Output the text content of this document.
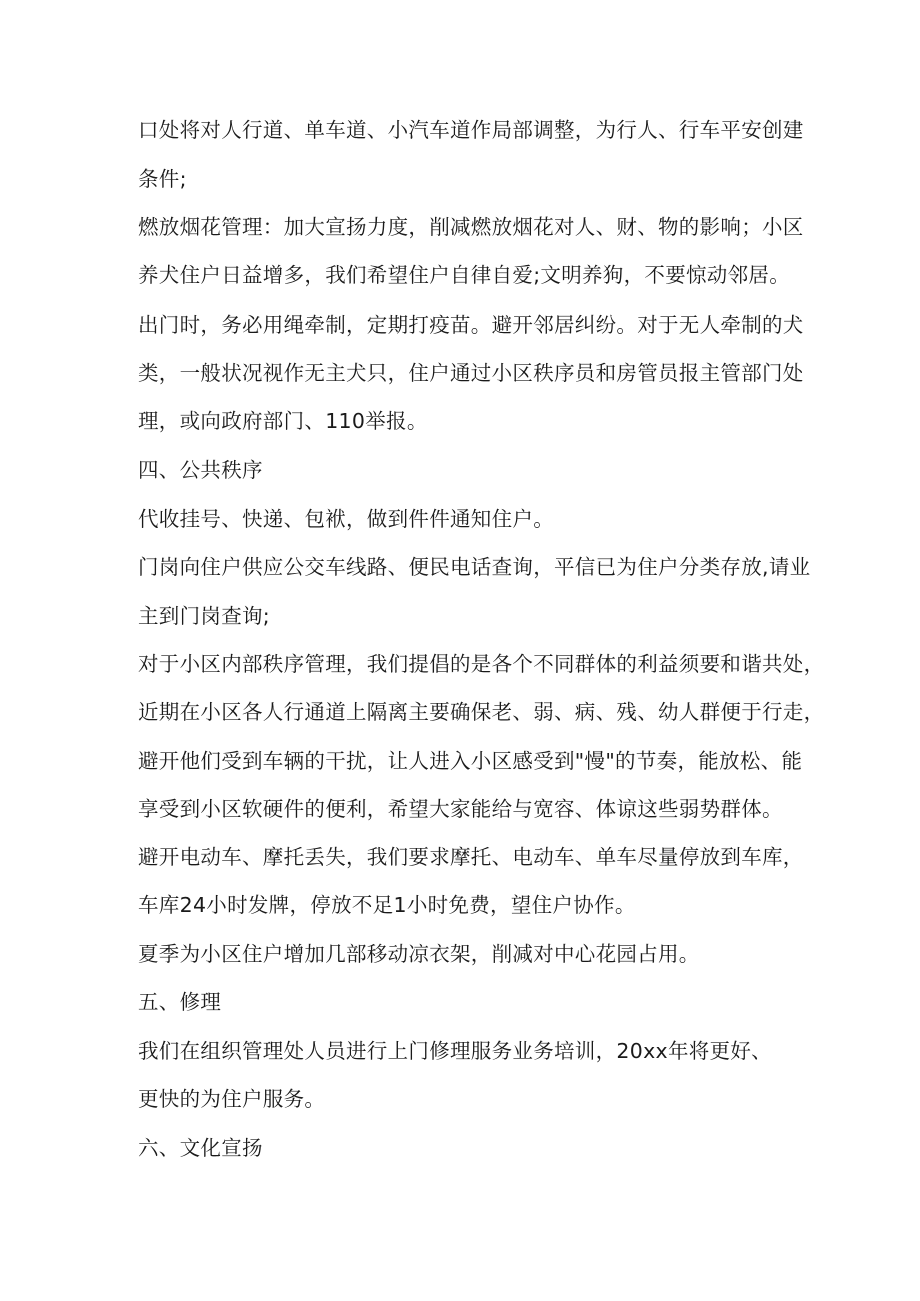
口处将对人行道、单车道、小汽车道作局部调整，为行人、行车平安创建
条件;
燃放烟花管理：加大宣扬力度，削减燃放烟花对人、财、物的影响；小区
养犬住户日益增多，我们希望住户自律自爱;文明养狗，不要惊动邻居。
出门时，务必用绳牵制，定期打疫苗。避开邻居纠纷。对于无人牵制的犬
类，一般状况视作无主犬只，住户通过小区秩序员和房管员报主管部门处
理，或向政府部门、110举报。
四、公共秩序
代收挂号、快递、包袱，做到件件通知住户。
门岗向住户供应公交车线路、便民电话查询，平信已为住户分类存放,请业
主到门岗查询;
对于小区内部秩序管理，我们提倡的是各个不同群体的利益须要和谐共处，
近期在小区各人行通道上隔离主要确保老、弱、病、残、幼人群便于行走，
避开他们受到车辆的干扰，让人进入小区感受到"慢"的节奏，能放松、能
享受到小区软硬件的便利，希望大家能给与宽容、体谅这些弱势群体。
避开电动车、摩托丢失，我们要求摩托、电动车、单车尽量停放到车库，
车库24小时发牌，停放不足1小时免费，望住户协作。
夏季为小区住户增加几部移动凉衣架，削减对中心花园占用。
五、修理
我们在组织管理处人员进行上门修理服务业务培训，20xx年将更好、
更快的为住户服务。
六、文化宣扬
